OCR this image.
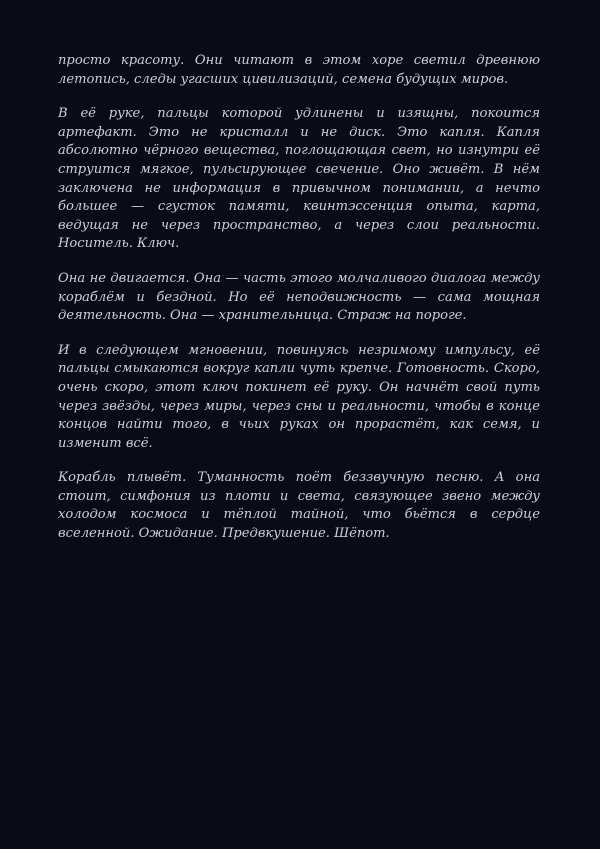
просто красоту. Они читают в этом хоре светил древнюю летопись, следы угасших цивилизаций, семена будущих миров.

В её руке, пальцы которой удлинены и изящны, покоится артефакт. Это не кристалл и не диск. Это капля. Капля абсолютно чёрного вещества, поглощающая свет, но изнутри её струится мягкое, пульсирующее свечение. Оно живёт. В нём заключена не информация в привычном понимании, а нечто большее — сгусток памяти, квинтэссенция опыта, карта, ведущая не через пространство, а через слои реальности. Носитель. Ключ.

Она не двигается. Она — часть этого молчаливого диалога между кораблём и бездной. Но её неподвижность — сама мощная деятельность. Она — хранительница. Страж на пороге.

И в следующем мгновении, повинуясь незримому импульсу, её пальцы смыкаются вокруг капли чуть крепче. Готовность. Скоро, очень скоро, этот ключ покинет её руку. Он начнёт свой путь через звёзды, через миры, через сны и реальности, чтобы в конце концов найти того, в чьих руках он прорастёт, как семя, и изменит всё.

Корабль плывёт. Туманность поёт беззвучную песню. А она стоит, симфония из плоти и света, связующее звено между холодом космоса и тёплой тайной, что бьётся в сердце вселенной. Ожидание. Предвкушение. Шёпот.
